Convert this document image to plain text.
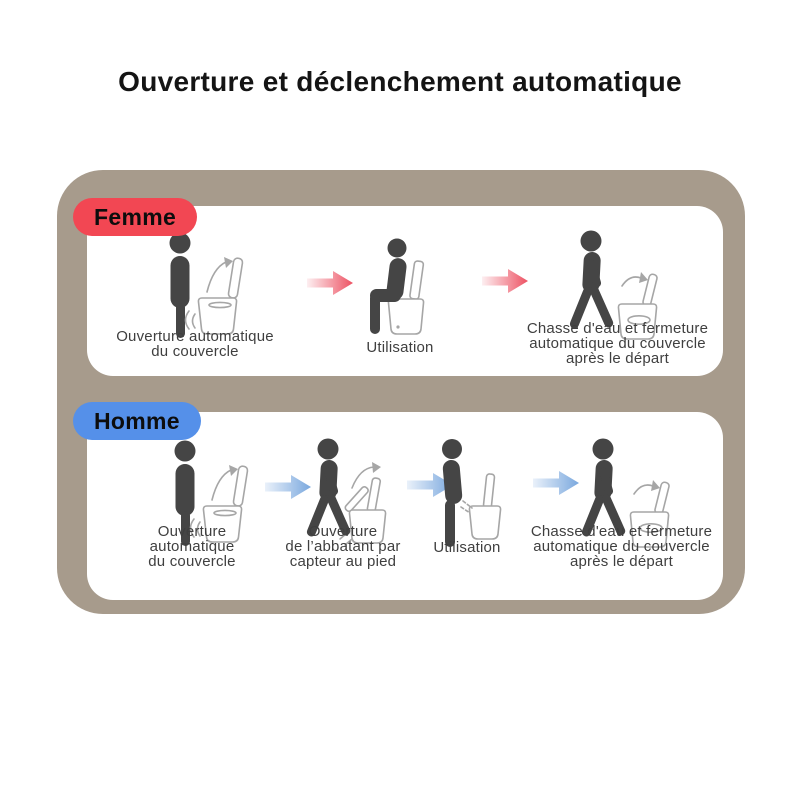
Ouverture et déclenchement automatique
Femme
Homme
Ouverture automatique
du couvercle	Utilisation
Chasse d'eau et fermeture
automatique du couvercle
après le départ
Ouverture
automatique
du couvercle
Ouverture
de l’abbatant par
capteur au pied
Utilisation
Chasse d'eau et fermeture
automatique du couvercle
après le départ
